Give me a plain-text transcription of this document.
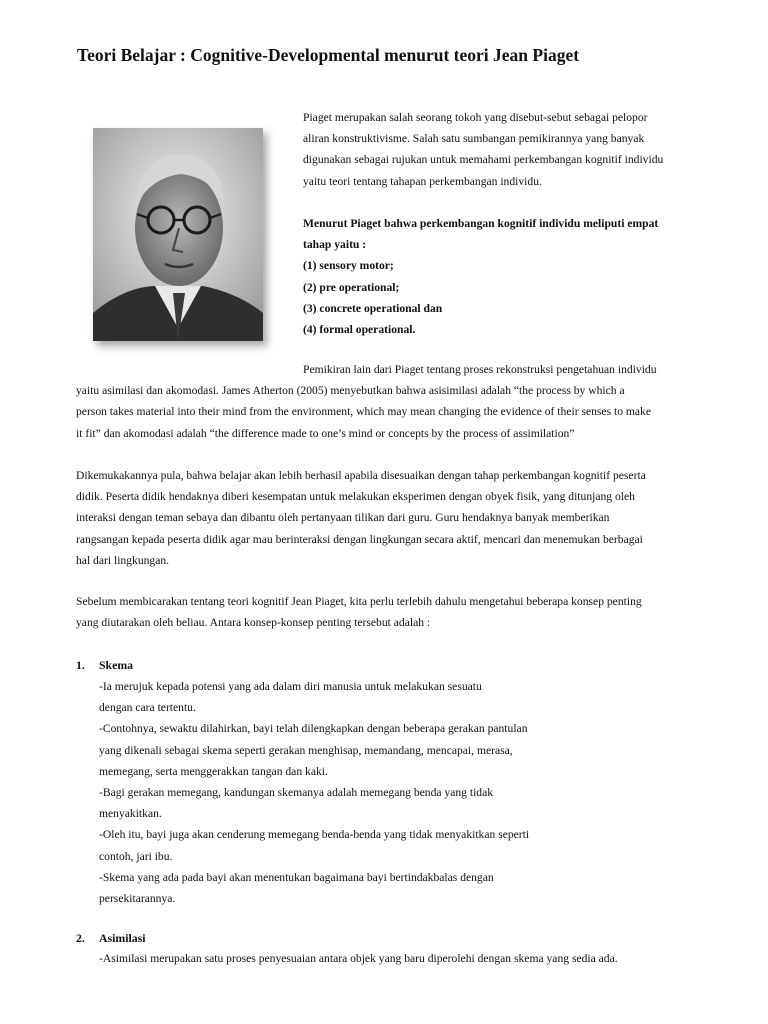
Teori Belajar : Cognitive-Developmental menurut teori Jean Piaget
Piaget merupakan salah seorang tokoh yang disebut-sebut sebagai pelopor
aliran konstruktivisme. Salah satu sumbangan pemikirannya yang banyak
digunakan sebagai rujukan untuk memahami perkembangan kognitif individu
yaitu teori tentang tahapan perkembangan individu.
Menurut Piaget bahwa perkembangan kognitif individu meliputi empat
tahap yaitu :
(1) sensory motor;
(2) pre operational;
(3) concrete operational dan
(4) formal operational.
Pemikiran lain dari Piaget tentang proses rekonstruksi pengetahuan individu
yaitu asimilasi dan akomodasi. James Atherton (2005) menyebutkan bahwa asisimilasi adalah “the process by which a
person takes material into their mind from the environment, which may mean changing the evidence of their senses to make
it fit” dan akomodasi adalah “the difference made to one’s mind or concepts by the process of assimilation”
Dikemukakannya pula, bahwa belajar akan lebih berhasil apabila disesuaikan dengan tahap perkembangan kognitif peserta
didik. Peserta didik hendaknya diberi kesempatan untuk melakukan eksperimen dengan obyek fisik, yang ditunjang oleh
interaksi dengan teman sebaya dan dibantu oleh pertanyaan tilikan dari guru. Guru hendaknya banyak memberikan
rangsangan kepada peserta didik agar mau berinteraksi dengan lingkungan secara aktif, mencari dan menemukan berbagai
hal dari lingkungan.
Sebelum membicarakan tentang teori kognitif Jean Piaget, kita perlu terlebih dahulu mengetahui beberapa konsep penting
yang diutarakan oleh beliau. Antara konsep-konsep penting tersebut adalah :
1. Skema
-Ia merujuk kepada potensi yang ada dalam diri manusia untuk melakukan sesuatu
dengan cara tertentu.
-Contohnya, sewaktu dilahirkan, bayi telah dilengkapkan dengan beberapa gerakan pantulan
yang dikenali sebagai skema seperti gerakan menghisap, memandang, mencapai, merasa,
memegang, serta menggerakkan tangan dan kaki.
-Bagi gerakan memegang, kandungan skemanya adalah memegang benda yang tidak
menyakitkan.
-Oleh itu, bayi juga akan cenderung memegang benda-benda yang tidak menyakitkan seperti
contoh, jari ibu.
-Skema yang ada pada bayi akan menentukan bagaimana bayi bertindakbalas dengan
persekitarannya.
2. Asimilasi
-Asimilasi merupakan satu proses penyesuaian antara objek yang baru diperolehi dengan skema yang sedia ada.
